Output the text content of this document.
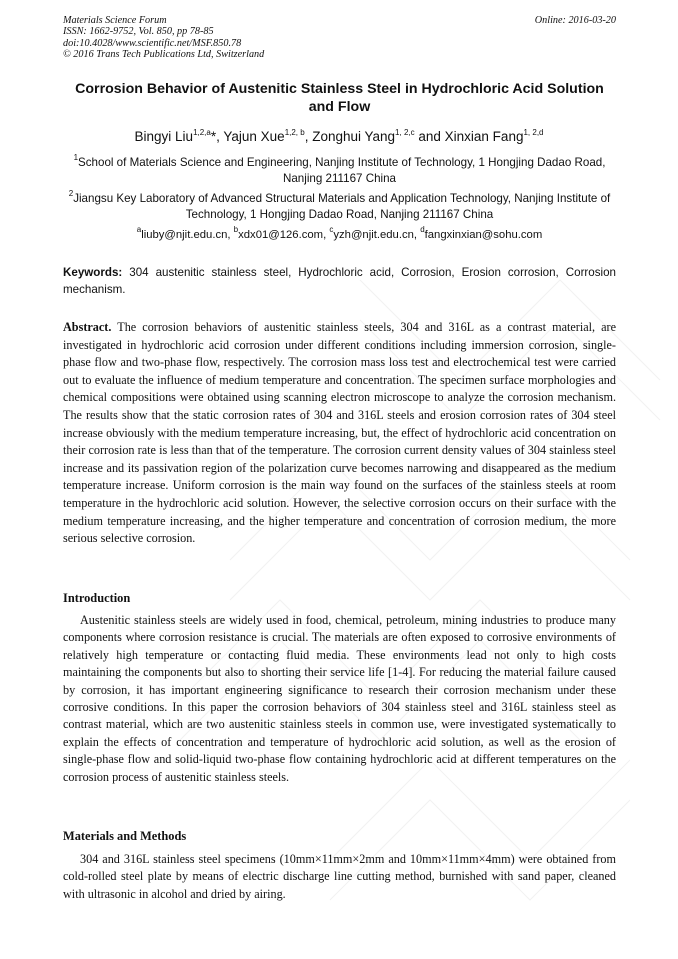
Materials Science Forum
ISSN: 1662-9752, Vol. 850, pp 78-85
doi:10.4028/www.scientific.net/MSF.850.78
© 2016 Trans Tech Publications Ltd, Switzerland
Online: 2016-03-20
Corrosion Behavior of Austenitic Stainless Steel in Hydrochloric Acid Solution and Flow
Bingyi Liu$^{1,2,a}$*, Yajun Xue$^{1,2, b}$, Zonghui Yang$^{1, 2,c}$ and Xinxian Fang$^{1, 2,d}$
$^1$School of Materials Science and Engineering, Nanjing Institute of Technology, 1 Hongjing Dadao Road, Nanjing 211167 China
$^2$Jiangsu Key Laboratory of Advanced Structural Materials and Application Technology, Nanjing Institute of Technology, 1 Hongjing Dadao Road, Nanjing 211167 China
$^a$liuby@njit.edu.cn, $^b$xdx01@126.com, $^c$yzh@njit.edu.cn, $^d$fangxinxian@sohu.com
Keywords: 304 austenitic stainless steel, Hydrochloric acid, Corrosion, Erosion corrosion, Corrosion mechanism.
Abstract. The corrosion behaviors of austenitic stainless steels, 304 and 316L as a contrast material, are investigated in hydrochloric acid corrosion under different conditions including immersion corrosion, single-phase flow and two-phase flow, respectively. The corrosion mass loss test and electrochemical test were carried out to evaluate the influence of medium temperature and concentration. The specimen surface morphologies and chemical compositions were obtained using scanning electron microscope to analyze the corrosion mechanism. The results show that the static corrosion rates of 304 and 316L steels and erosion corrosion rates of 304 steel increase obviously with the medium temperature increasing, but, the effect of hydrochloric acid concentration on their corrosion rate is less than that of the temperature. The corrosion current density values of 304 stainless steel increase and its passivation region of the polarization curve becomes narrowing and disappeared as the medium temperature increase. Uniform corrosion is the main way found on the surfaces of the stainless steels at room temperature in the hydrochloric acid solution. However, the selective corrosion occurs on their surface with the medium temperature increasing, and the higher temperature and concentration of corrosion medium, the more serious selective corrosion.
Introduction
Austenitic stainless steels are widely used in food, chemical, petroleum, mining industries to produce many components where corrosion resistance is crucial. The materials are often exposed to corrosive environments of relatively high temperature or contacting fluid media. These environments lead not only to high costs maintaining the components but also to shorting their service life [1-4]. For reducing the material failure caused by corrosion, it has important engineering significance to research their corrosion mechanism under these corrosive conditions. In this paper the corrosion behaviors of 304 stainless steel and 316L stainless steel as contrast material, which are two austenitic stainless steels in common use, were investigated systematically to explain the effects of concentration and temperature of hydrochloric acid solution, as well as the erosion of single-phase flow and solid-liquid two-phase flow containing hydrochloric acid at different temperatures on the corrosion process of austenitic stainless steels.
Materials and Methods
304 and 316L stainless steel specimens (10mm×11mm×2mm and 10mm×11mm×4mm) were obtained from cold-rolled steel plate by means of electric discharge line cutting method, burnished with sand paper, cleaned with ultrasonic in alcohol and dried by airing.
